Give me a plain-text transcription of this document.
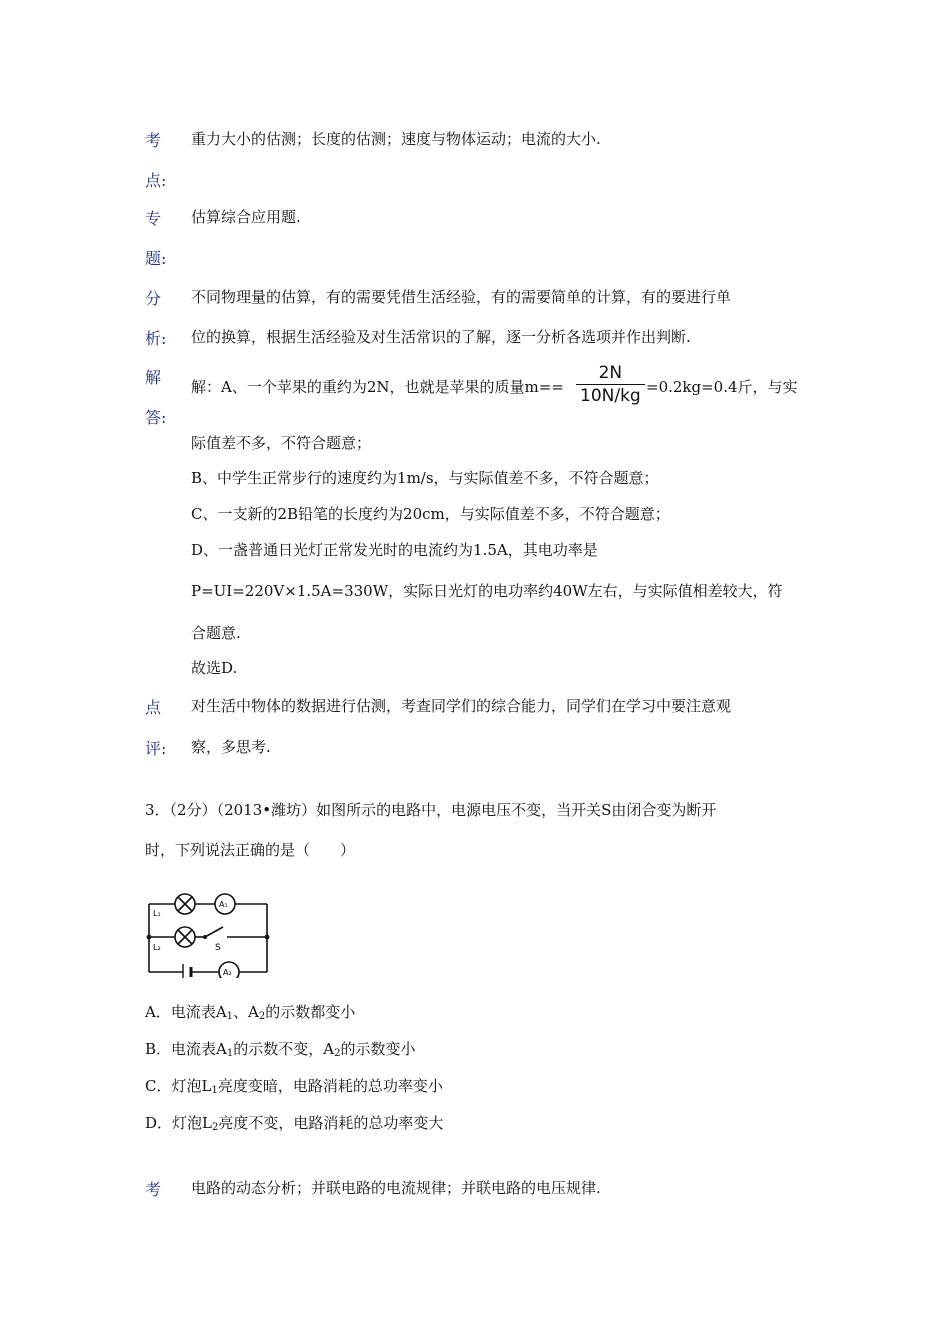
考 重力大小的估测；长度的估测；速度与物体运动；电流的大小.
点:
专 估算综合应用题.
题:
分 不同物理量的估算，有的需要凭借生活经验，有的需要简单的计算，有的要进行单
析: 位的换算，根据生活经验及对生活常识的了解，逐一分析各选项并作出判断.
解
答:
解：A、一个苹果的重约为2N，也就是苹果的质量$m== \frac{2N}{10N/kg} =0.2kg=0.4$斤，与实
际值差不多，不符合题意；
B、中学生正常步行的速度约为1m/s，与实际值差不多，不符合题意；
C、一支新的2B铅笔的长度约为20cm，与实际值差不多，不符合题意；
D、一盏普通日光灯正常发光时的电流约为1.5A，其电功率是
P=UI=220V×1.5A=330W，实际日光灯的电功率约40W左右，与实际值相差较大，符
合题意.
故选D.
点 对生活中物体的数据进行估测，考查同学们的综合能力，同学们在学习中要注意观
评: 察，多思考.
3．（2分）（2013•潍坊）如图所示的电路中，电源电压不变，当开关S由闭合变为断开
时，下列说法正确的是（　　）
L₁
L₂	S
A₁
A₂
A．电流表$A_1$、$A_2$的示数都变小
B．电流表$A_1$的示数不变，$A_2$的示数变小
C．灯泡$L_1$亮度变暗，电路消耗的总功率变小
D．灯泡$L_2$亮度不变，电路消耗的总功率变大
考 电路的动态分析；并联电路的电流规律；并联电路的电压规律.
